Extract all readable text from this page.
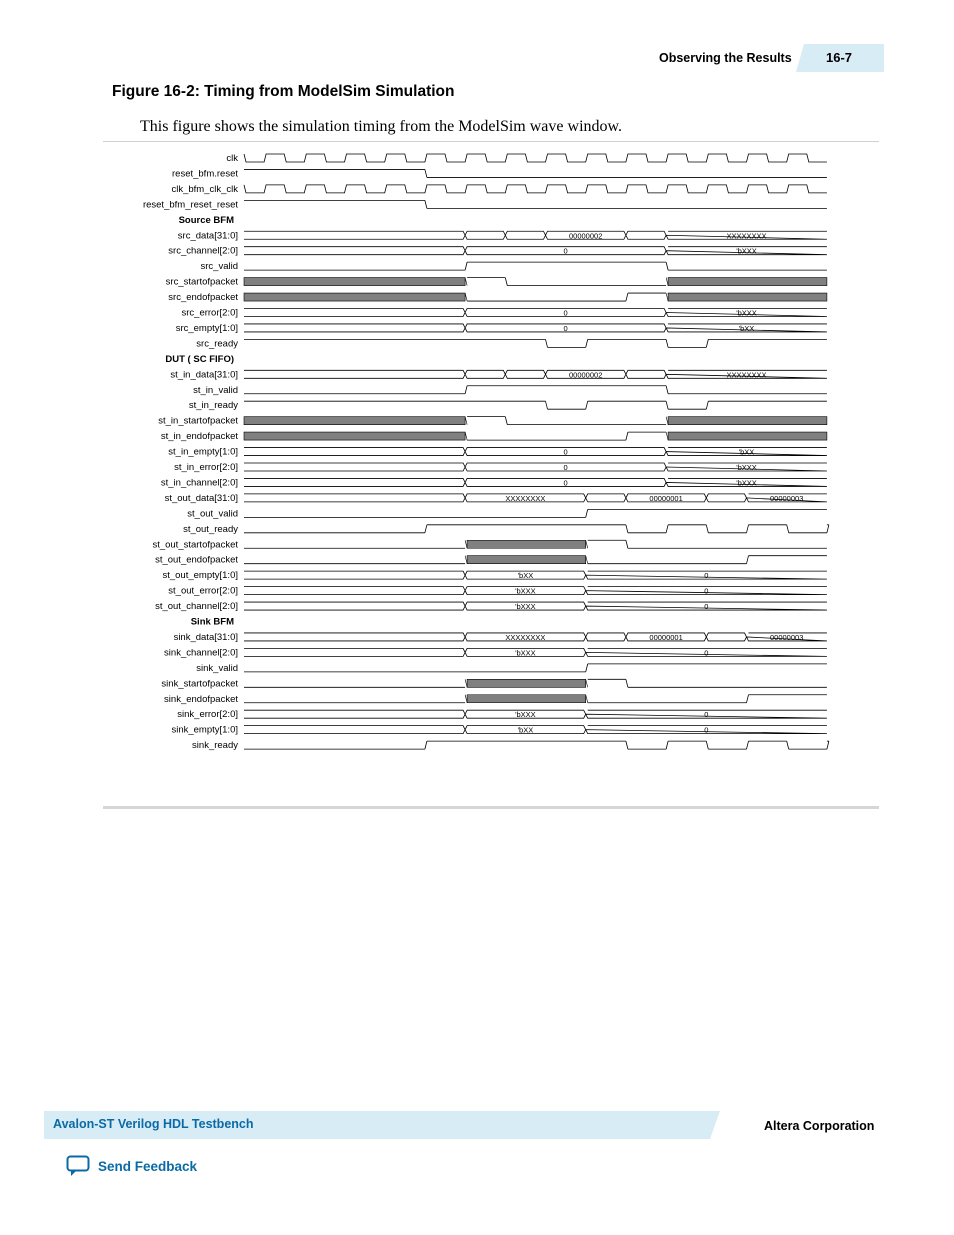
Observing the Results	16-7
Figure 16-2: Timing from ModelSim Simulation
This figure shows the simulation timing from the ModelSim wave window.
clk
reset_bfm.reset
clk_bfm_clk_clk
reset_bfm_reset_reset
Source BFM
src_data[31:0]	00000002	XXXXXXXX
src_channel[2:0]	0	'bXXX
src_valid
src_startofpacket
src_endofpacket
src_error[2:0]	0	'bXXX
src_empty[1:0]	0	'bXX
src_ready
DUT ( SC FIFO)
st_in_data[31:0]	00000002	XXXXXXXX
st_in_valid
st_in_ready
st_in_startofpacket
st_in_endofpacket
st_in_empty[1:0]	0	'bXX
st_in_error[2:0]	0	'bXXX
st_in_channel[2:0]	0	'bXXX
st_out_data[31:0]	XXXXXXXX	00000001	00000003
st_out_valid
st_out_ready
st_out_startofpacket
st_out_endofpacket
st_out_empty[1:0]	'bXX	0
st_out_error[2:0]	'bXXX	0
st_out_channel[2:0]	'bXXX	0
Sink BFM
sink_data[31:0]	XXXXXXXX	00000001	00000003
sink_channel[2:0]	'bXXX	0
sink_valid
sink_startofpacket
sink_endofpacket
sink_error[2:0]	'bXXX	0
sink_empty[1:0]	'bXX	0
sink_ready
Avalon-ST Verilog HDL Testbench	Altera Corporation
Send Feedback
